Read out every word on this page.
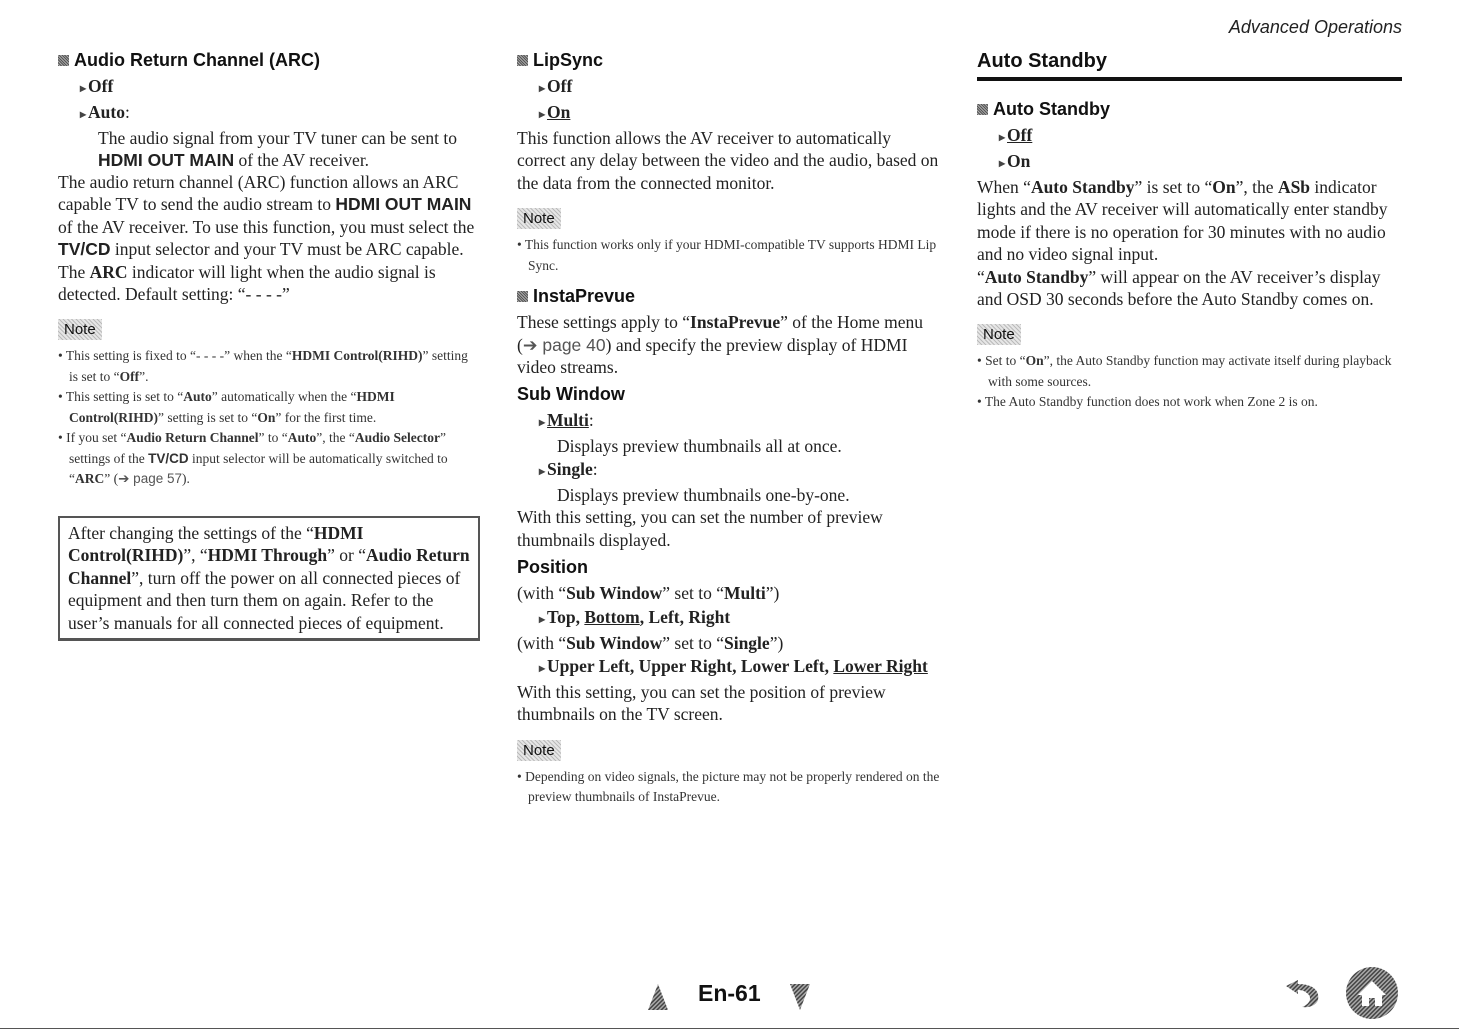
Advanced Operations
Audio Return Channel (ARC)
▸ Off
▸ Auto:
The audio signal from your TV tuner can be sent to HDMI OUT MAIN of the AV receiver.

The audio return channel (ARC) function allows an ARC capable TV to send the audio stream to HDMI OUT MAIN of the AV receiver. To use this function, you must select the TV/CD input selector and your TV must be ARC capable. The ARC indicator will light when the audio signal is detected. Default setting: “- - - -”

Note
• This setting is fixed to “- - - -” when the “HDMI Control(RIHD)” setting is set to “Off”.
• This setting is set to “Auto” automatically when the “HDMI Control(RIHD)” setting is set to “On” for the first time.
• If you set “Audio Return Channel” to “Auto”, the “Audio Selector” settings of the TV/CD input selector will be automatically switched to “ARC” (➔ page 57).
After changing the settings of the “HDMI Control(RIHD)”, “HDMI Through” or “Audio Return Channel”, turn off the power on all connected pieces of equipment and then turn them on again. Refer to the user’s manuals for all connected pieces of equipment.
LipSync
▸ Off
▸ On

This function allows the AV receiver to automatically correct any delay between the video and the audio, based on the data from the connected monitor.

Note
• This function works only if your HDMI-compatible TV supports HDMI Lip Sync.
InstaPrevue

These settings apply to “InstaPrevue” of the Home menu (➔ page 40) and specify the preview display of HDMI video streams.

Sub Window
▸ Multi:
Displays preview thumbnails all at once.
▸ Single:
Displays preview thumbnails one-by-one.

With this setting, you can set the number of preview thumbnails displayed.

Position

(with “Sub Window” set to “Multi”)

▸ Top, Bottom, Left, Right

(with “Sub Window” set to “Single”)

▸ Upper Left, Upper Right, Lower Left, Lower Right

With this setting, you can set the position of preview thumbnails on the TV screen.

Note
• Depending on video signals, the picture may not be properly rendered on the preview thumbnails of InstaPrevue.
Auto Standby
Auto Standby
▸ Off
▸ On

When “Auto Standby” is set to “On”, the ASb indicator lights and the AV receiver will automatically enter standby mode if there is no operation for 30 minutes with no audio and no video signal input.

“Auto Standby” will appear on the AV receiver’s display and OSD 30 seconds before the Auto Standby comes on.

Note
• Set to “On”, the Auto Standby function may activate itself during playback with some sources.
• The Auto Standby function does not work when Zone 2 is on.
En-61
